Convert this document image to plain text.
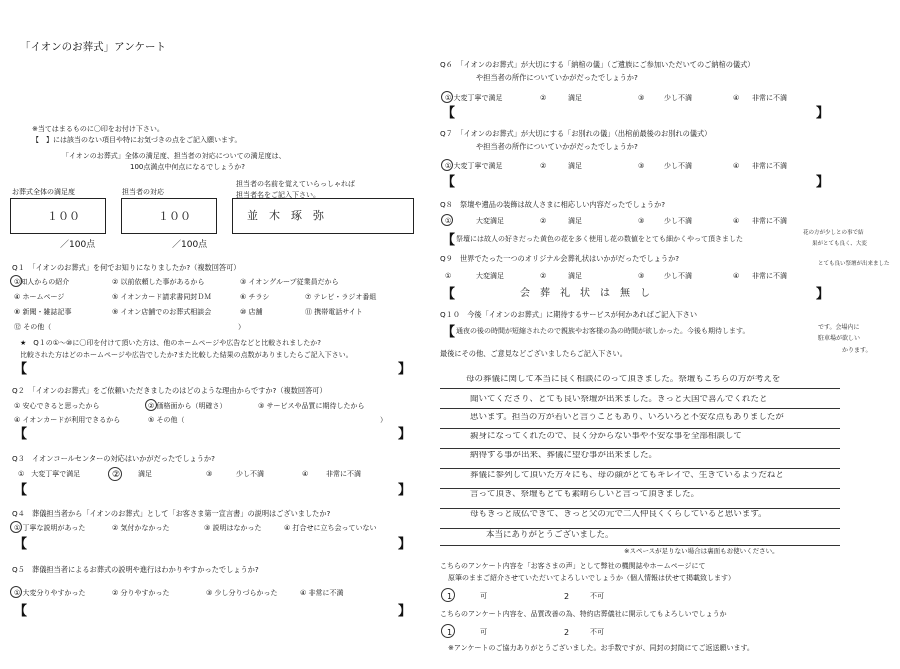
「イオンのお葬式」アンケート
※当てはまるものに〇印をお付け下さい。
【　】には該当のない項目や特にお気づきの点をご記入願います。
「イオンのお葬式」全体の満足度、担当者の対応についての満足度は、
100点満点中何点になるでしょうか?
お葬式全体の満足度	担当者の対応
担当者の名前を覚えていらっしゃれば
担当者名をご記入下さい。
１００	１００	並　木　琢　弥
／100点	／100点
Q１　「イオンのお葬式」を何でお知りになりましたか?（複数回答可）
①知人からの紹介	② 以前依頼した事があるから	③ イオングループ従業員だから
④ ホームページ	⑤ イオンカード請求書同封ＤＭ	⑥ チラシ	⑦ テレビ・ラジオ番組
⑧ 新聞・雑誌記事	⑨ イオン店舗でのお葬式相談会	⑩ 店舗	⑪ 携帯電話サイト
⑫ その他（	）
★　Q１の①～⑩に〇印を付けて頂いた方は、他のホームページや広告などと比較されましたか?
比較された方はどのホームページや広告でしたか?また比較した結果の点数がありましたらご記入下さい。
【	】
Q２　「イオンのお葬式」をご依頼いただきましたのはどのような理由からですか?（複数回答可）
① 安心できると思ったから	② 価格面から（明確さ）	③ サービスや品質に期待したから
④ イオンカードが利用できるから	⑤ その他（	）
【	】
Q３　イオンコールセンターの対応はいかがだったでしょうか?
①　大変丁寧で満足	②	満足	③	少し不満	④	非常に不満
【	】
Q４　葬儀担当者から「イオンのお葬式」として「お客さま第一宣言書」の説明はございましたか?
① 丁寧な説明があった	② 気付かなかった	③ 説明はなかった	④ 打合せに立ち会っていない
【	】
Q５　葬儀担当者によるお葬式の説明や進行はわかりやすかったでしょうか?
① 大変分りやすかった	② 分りやすかった	③ 少し分りづらかった	④ 非常に不満
【	】
Q６　「イオンのお葬式」が大切にする「納棺の儀」（ご遺族にご参加いただいてのご納棺の儀式）
や担当者の所作についていかがだったでしょうか?
① 大変丁寧で満足	②	満足	③	少し不満	④ 非常に不満
【	】
Q７　「イオンのお葬式」が大切にする「お別れの儀」（出棺前最後のお別れの儀式）
や担当者の所作についていかがだったでしょうか?
① 大変丁寧で満足	②	満足	③	少し不満	④ 非常に不満
【	】
Q８　祭壇や遺品の装飾は故人さまに相応しい内容だったでしょうか?
①	大変満足	②	満足	③	少し不満	④ 非常に不満
【 祭壇には故人の好きだった黄色の花を多く使用し花の数値をとても細かくやって頂きました
花の方が少しとの事で結
果がとても良く、大変
とても良い祭壇が出来ました
Q９　世界でたった一つのオリジナル会葬礼状はいかがだったでしょうか?
①	大変満足	②	満足	③	少し不満	④ 非常に不満
【	会　葬　礼　状　は　無　し	】
Q１０　今後「イオンのお葬式」に期待するサービスが何かあればご記入下さい
【 通夜の後の時間が短縮されたので親族やお客様の為の時間が欲しかった。今後も期待します。	です。会場内に
駐車場が欲しい
かります。
最後にその他、ご意見などございましたらご記入下さい。
母の葬儀に関して本当に良く相談にのって頂きました。祭壇もこちらの方が考えを
聞いてくださり、とても良い祭壇が出来ました。きっと天国で喜んでくれたと
思います。担当の方が若いと言うこともあり、いろいろと不安な点もありましたが
親身になってくれたので、良く分からない事や不安な事を全部相談して
納得する事が出来、葬儀に望む事が出来ました。
葬儀に参列して頂いた方々にも、母の顔がとてもキレイで、生きているようだねと
言って頂き、祭壇もとても素晴らしいと言って頂きました。
母もきっと成仏できて、きっと父の元で二人仲良くくらしていると思います。
本当にありがとうございました。
※スペースが足りない場合は裏面もお使いください。
こちらのアンケート内容を「お客さまの声」として弊社の機関誌やホームページにて
原筆のままご紹介させていただいてよろしいでしょうか（個人情報は伏せて掲載致します）
1	可	2	不可
こちらのアンケート内容を、品質改善の為、特約店葬儀社に開示してもよろしいでしょうか
1	可	2	不可
※アンケートのご協力ありがとうございました。お手数ですが、同封の封筒にてご返送願います。
